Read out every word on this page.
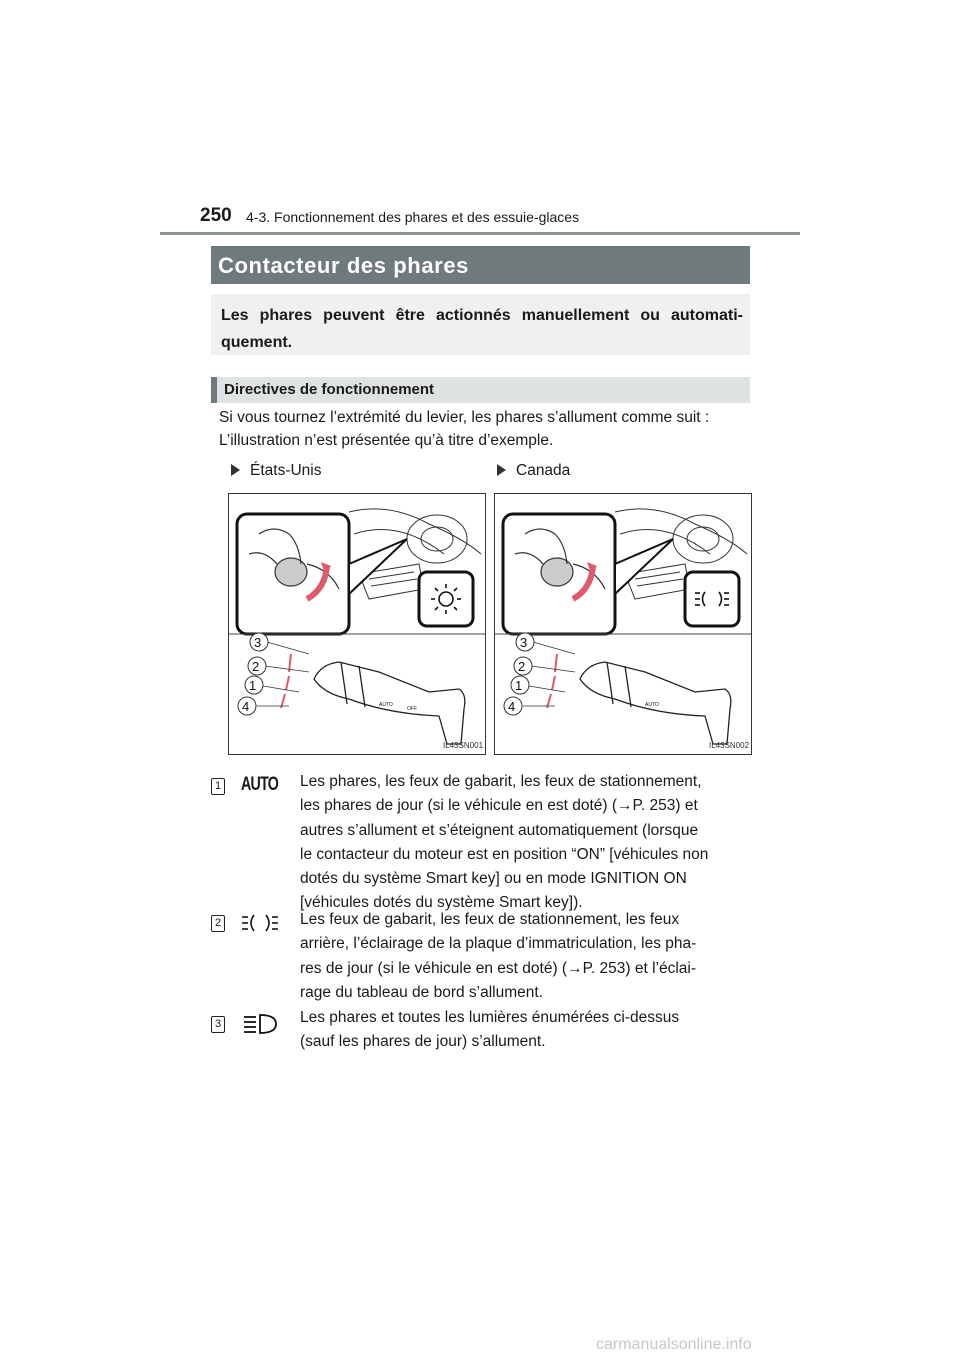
250 4-3. Fonctionnement des phares et des essuie-glaces
Contacteur des phares
Les phares peuvent être actionnés manuellement ou automati-quement.
Directives de fonctionnement
Si vous tournez l’extrémité du levier, les phares s’allument comme suit :
L’illustration n’est présentée qu’à titre d’exemple.
États-Unis	Canada
AUTO
OFF
3
2
1
4
IL43SN001
AUTO
3
2
1
4
IL43SN002
1 AUTO Les phares, les feux de gabarit, les feux de stationnement,
les phares de jour (si le véhicule en est doté) (→P. 253) et
autres s’allument et s’éteignent automatiquement (lorsque
le contacteur du moteur est en position “ON” [véhicules non
dotés du système Smart key] ou en mode IGNITION ON
[véhicules dotés du système Smart key]).
2	Les feux de gabarit, les feux de stationnement, les feux
arrière, l’éclairage de la plaque d’immatriculation, les pha-
res de jour (si le véhicule en est doté) (→P. 253) et l’éclai-
rage du tableau de bord s’allument.
3	Les phares et toutes les lumières énumérées ci-dessus
(sauf les phares de jour) s’allument.
carmanualsonline.info
